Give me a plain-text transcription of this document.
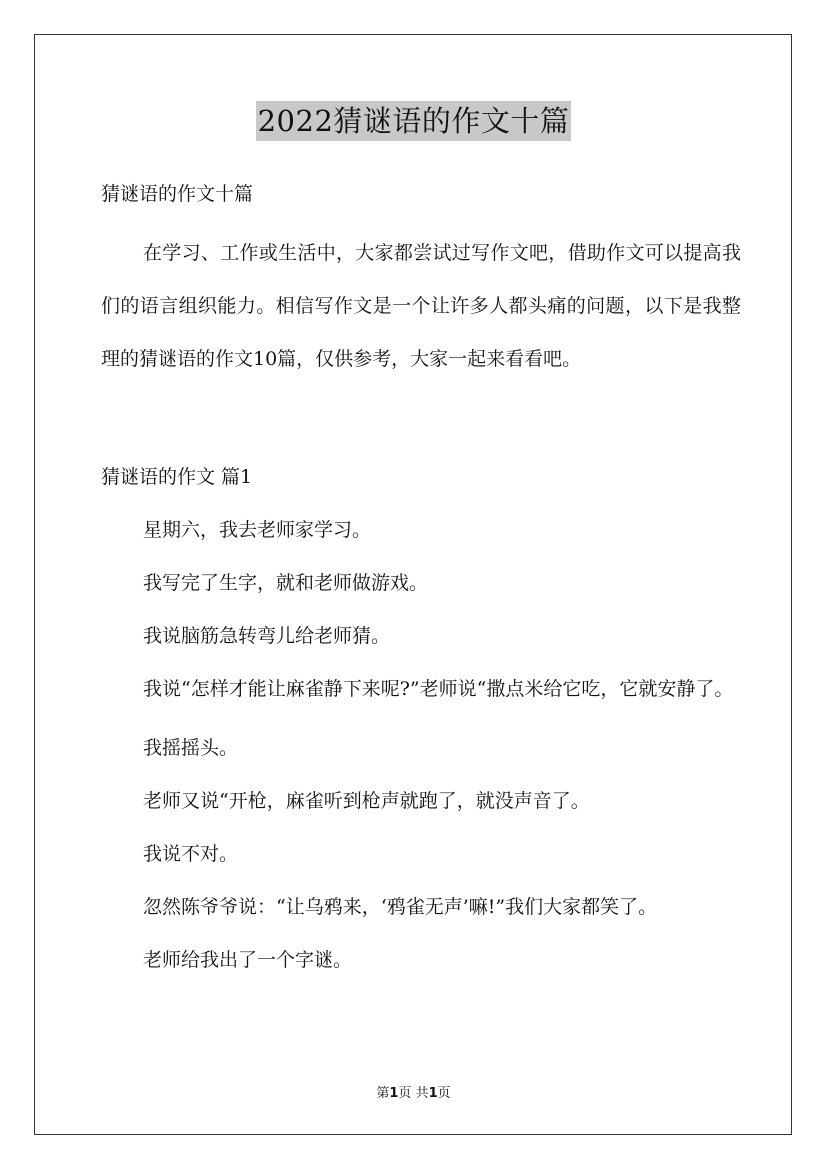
2022猜谜语的作文十篇

猜谜语的作文十篇

在学习、工作或生活中，大家都尝试过写作文吧，借助作文可以提高我们的语言组织能力。相信写作文是一个让许多人都头痛的问题，以下是我整理的猜谜语的作文10篇，仅供参考，大家一起来看看吧。

猜谜语的作文 篇1

星期六，我去老师家学习。

我写完了生字，就和老师做游戏。

我说脑筋急转弯儿给老师猜。

我说“怎样才能让麻雀静下来呢?”老师说“撒点米给它吃，它就安静了。

我摇摇头。

老师又说“开枪，麻雀听到枪声就跑了，就没声音了。

我说不对。

忽然陈爷爷说：“让乌鸦来，‘鸦雀无声’嘛!”我们大家都笑了。

老师给我出了一个字谜。

第1页 共1页
